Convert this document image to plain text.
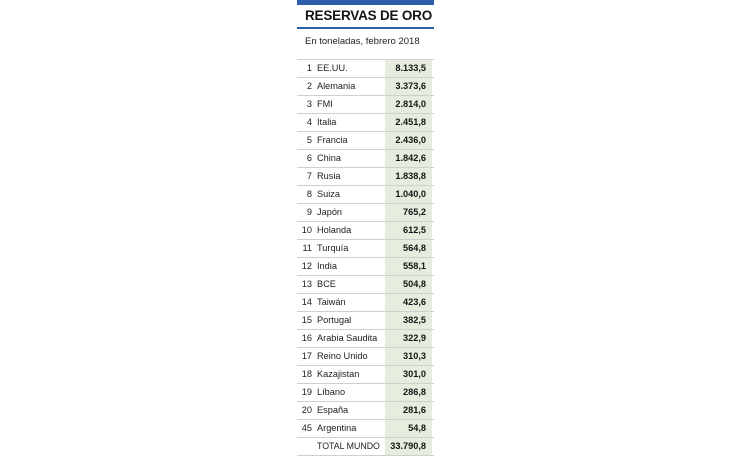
RESERVAS DE ORO
En toneladas, febrero 2018
1 EE.UU.	8.133,5
2 Alemania	3.373,6
3 FMI	2.814,0
4 Italia	2.451,8
5 Francia	2.436,0
6 China	1.842,6
7 Rusia	1.838,8
8 Suiza	1.040,0
9 Japón	765,2
10 Holanda	612,5
11 Turquía	564,8
12 India	558,1
13 BCE	504,8
14 Taiwán	423,6
15 Portugal	382,5
16 Arabia Saudita	322,9
17 Reino Unido	310,3
18 Kazajistan	301,0
19 Líbano	286,8
20 España	281,6
45 Argentina	54,8
TOTAL MUNDO 33.790,8
